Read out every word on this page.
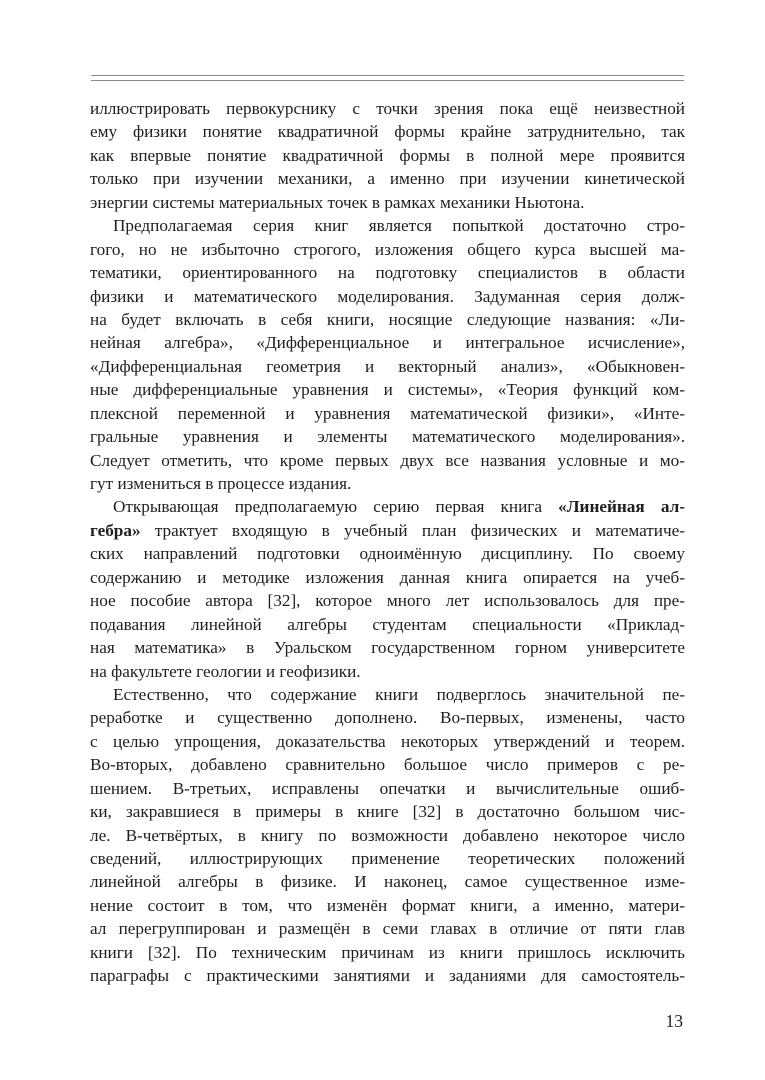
иллюстрировать первокурснику с точки зрения пока ещё неизвестной
ему физики понятие квадратичной формы крайне затруднительно, так
как впервые понятие квадратичной формы в полной мере проявится
только при изучении механики, а именно при изучении кинетической
энергии системы материальных точек в рамках механики Ньютона.
Предполагаемая серия книг является попыткой достаточно стро-
гого, но не избыточно строгого, изложения общего курса высшей ма-
тематики, ориентированного на подготовку специалистов в области
физики и математического моделирования. Задуманная серия долж-
на будет включать в себя книги, носящие следующие названия: «Ли-
нейная алгебра», «Дифференциальное и интегральное исчисление»,
«Дифференциальная геометрия и векторный анализ», «Обыкновен-
ные дифференциальные уравнения и системы», «Теория функций ком-
плексной переменной и уравнения математической физики», «Инте-
гральные уравнения и элементы математического моделирования».
Следует отметить, что кроме первых двух все названия условные и мо-
гут измениться в процессе издания.
Открывающая предполагаемую серию первая книга «Линейная ал-
гебра» трактует входящую в учебный план физических и математиче-
ских направлений подготовки одноимённую дисциплину. По своему
содержанию и методике изложения данная книга опирается на учеб-
ное пособие автора [32], которое много лет использовалось для пре-
подавания линейной алгебры студентам специальности «Приклад-
ная математика» в Уральском государственном горном университете
на факультете геологии и геофизики.
Естественно, что содержание книги подверглось значительной пе-
реработке и существенно дополнено. Во-первых, изменены, часто
с целью упрощения, доказательства некоторых утверждений и теорем.
Во-вторых, добавлено сравнительно большое число примеров с ре-
шением. В-третьих, исправлены опечатки и вычислительные ошиб-
ки, закравшиеся в примеры в книге [32] в достаточно большом чис-
ле. В-четвёртых, в книгу по возможности добавлено некоторое число
сведений, иллюстрирующих применение теоретических положений
линейной алгебры в физике. И наконец, самое существенное изме-
нение состоит в том, что изменён формат книги, а именно, матери-
ал перегруппирован и размещён в семи главах в отличие от пяти глав
книги [32]. По техническим причинам из книги пришлось исключить
параграфы с практическими занятиями и заданиями для самостоятель-
13
